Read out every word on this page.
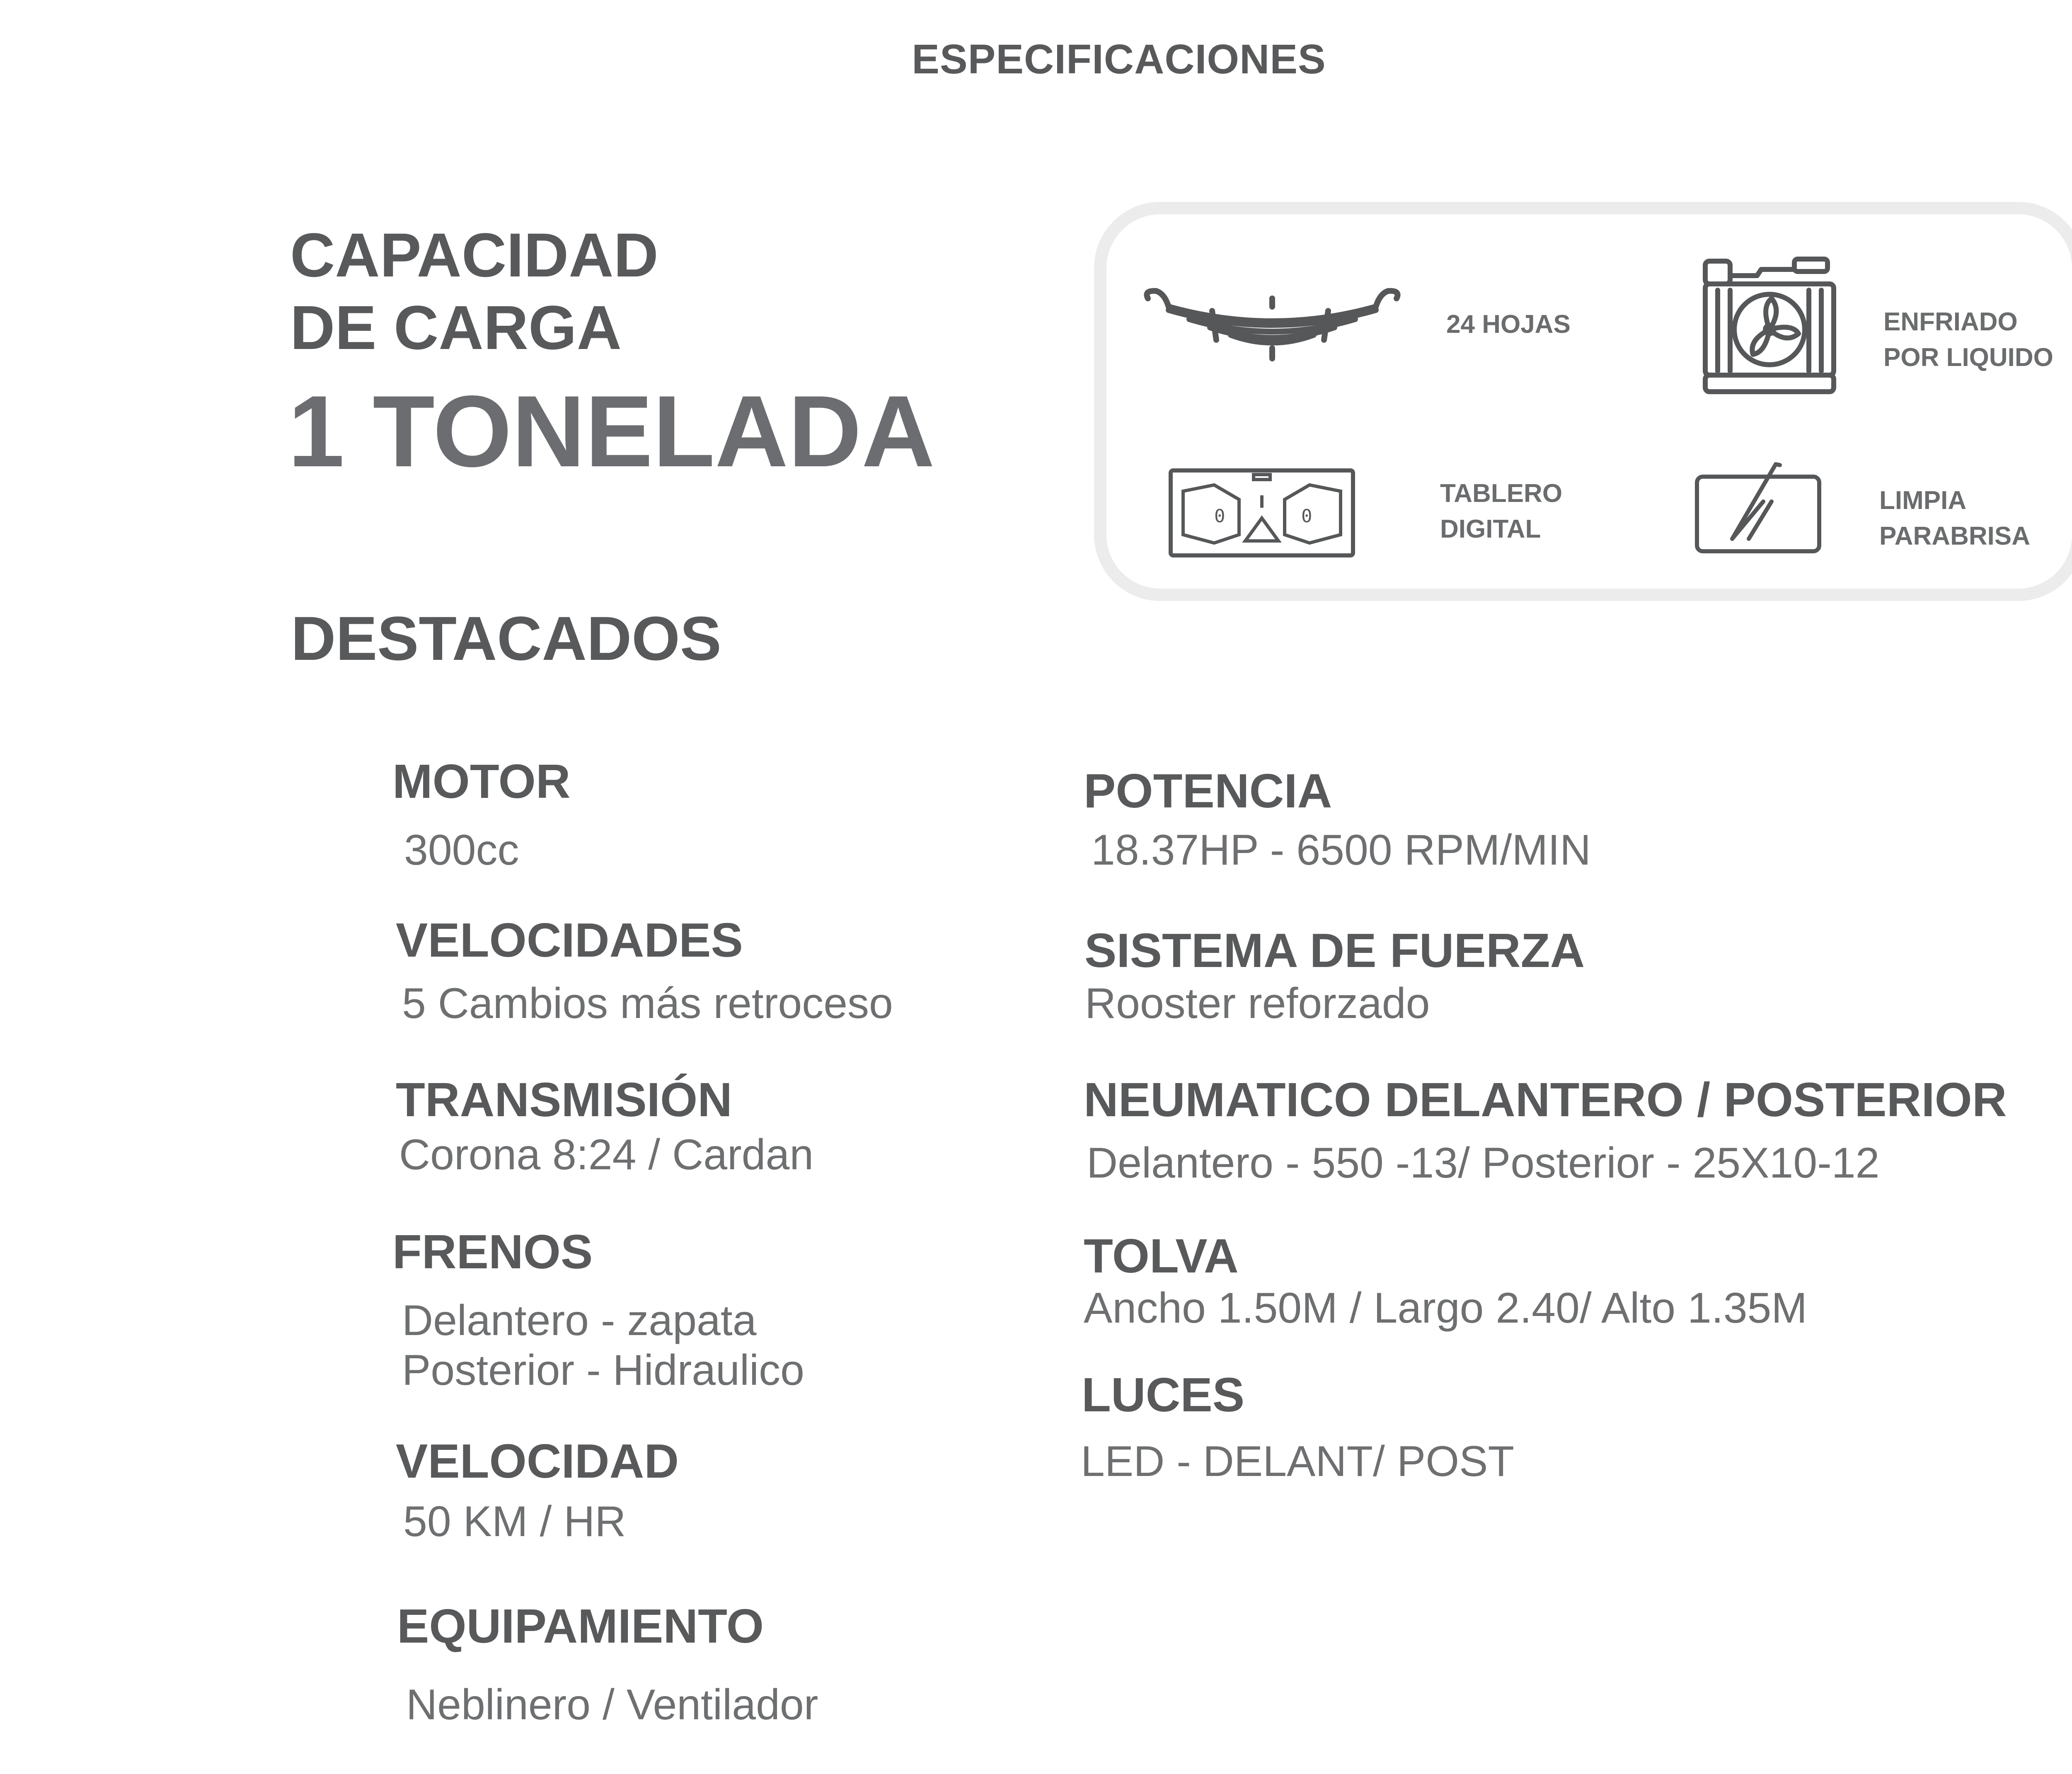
ESPECIFICACIONES
CAPACIDAD
DE CARGA
1 TONELADA
24 HOJAS	ENFRIADO
POR LIQUIDO
0	0
TABLERO
DIGITAL
LIMPIA
PARABRISA
DESTACADOS
MOTOR
300cc
VELOCIDADES
5 Cambios más retroceso
TRANSMISIÓN
Corona 8:24 / Cardan
FRENOS
Delantero - zapata
Posterior - Hidraulico
VELOCIDAD
50 KM / HR
EQUIPAMIENTO
Neblinero / Ventilador
POTENCIA
18.37HP - 6500 RPM/MIN
SISTEMA DE FUERZA
Rooster reforzado
NEUMATICO DELANTERO / POSTERIOR
Delantero - 550 -13/ Posterior - 25X10-12
TOLVA
Ancho 1.50M / Largo 2.40/ Alto 1.35M
LUCES
LED - DELANT/ POST
